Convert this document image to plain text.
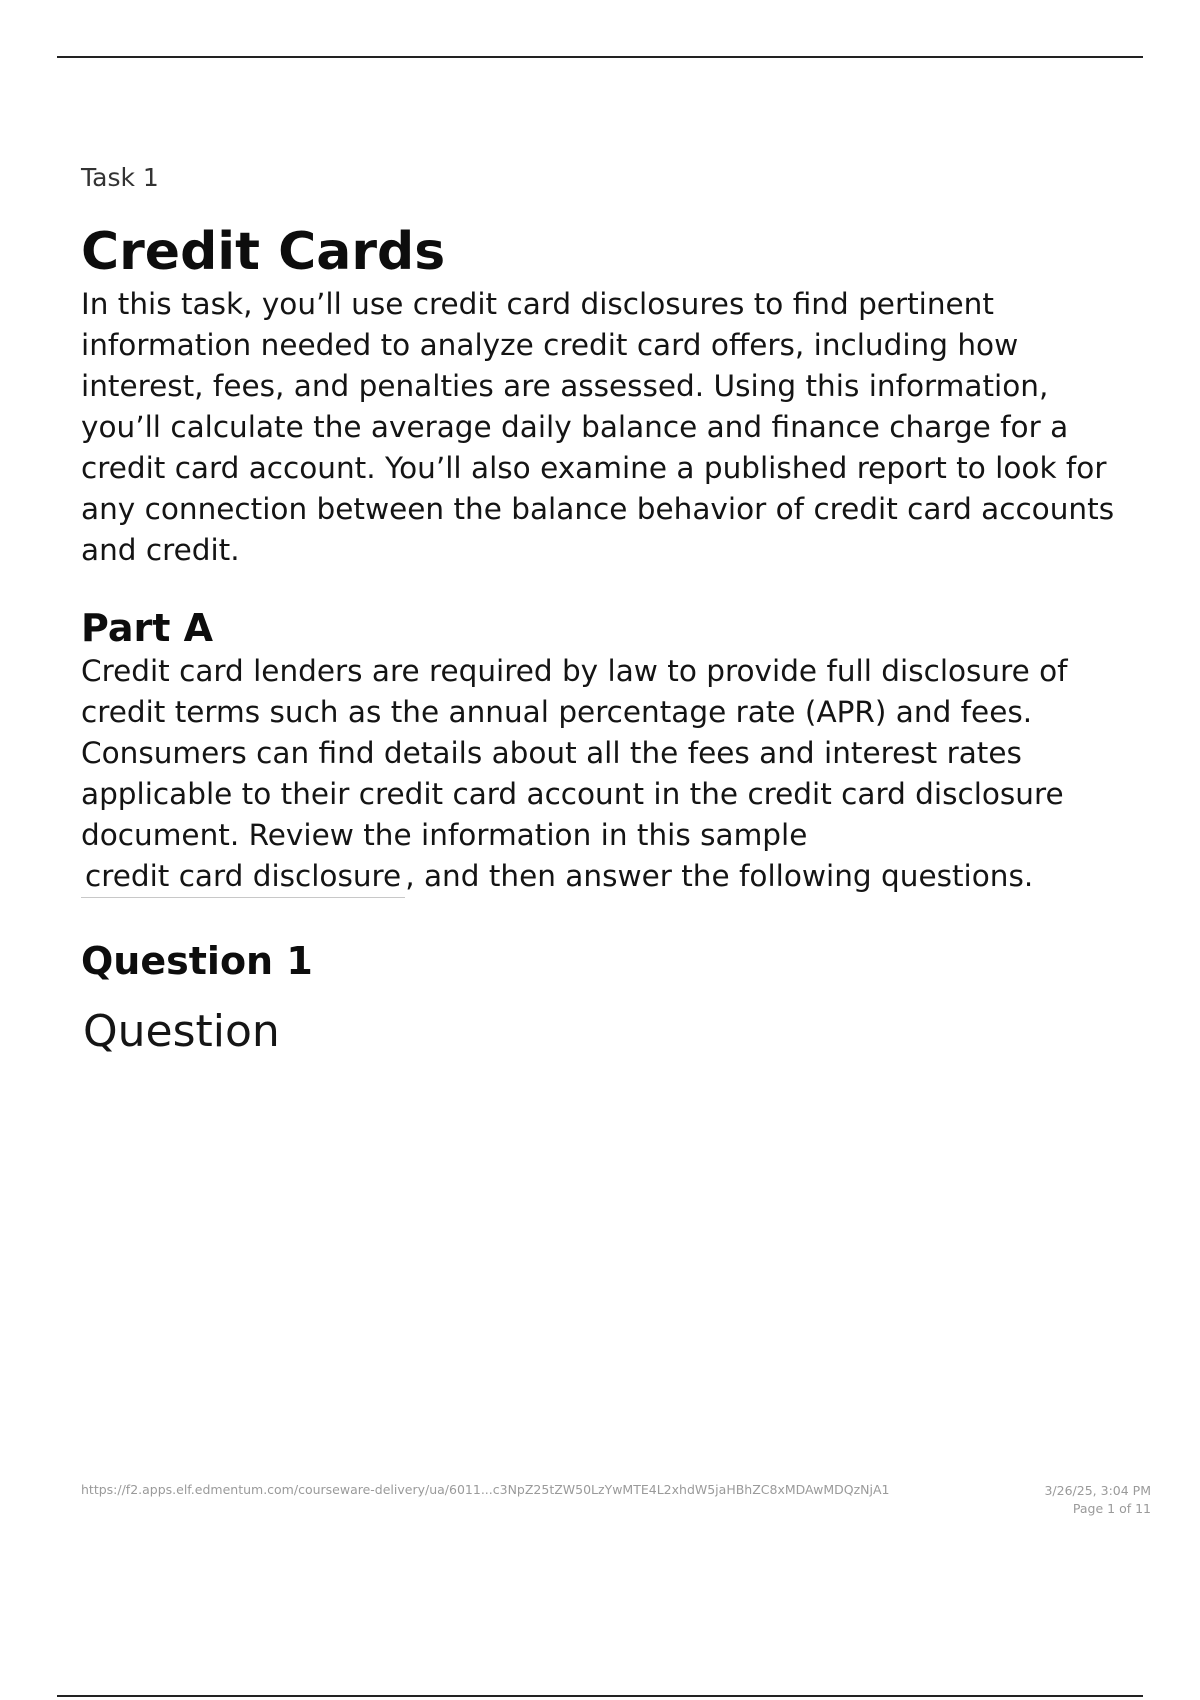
Task 1

Credit Cards

In this task, you’ll use credit card disclosures to find pertinent information needed to analyze credit card offers, including how interest, fees, and penalties are assessed. Using this information, you’ll calculate the average daily balance and finance charge for a credit card account. You’ll also examine a published report to look for any connection between the balance behavior of credit card accounts and credit.

Part A

Credit card lenders are required by law to provide full disclosure of credit terms such as the annual percentage rate (APR) and fees. Consumers can find details about all the fees and interest rates applicable to their credit card account in the credit card disclosure document. Review the information in this sample credit card disclosure , and then answer the following questions.

Question 1

Question

https://f2.apps.elf.edmentum.com/courseware-delivery/ua/6011...c3NpZ25tZW50LzYwMTE4L2xhdW5jaHBhZC8xMDAwMDQzNjA1	3/26/25, 3:04 PM
Page 1 of 11
